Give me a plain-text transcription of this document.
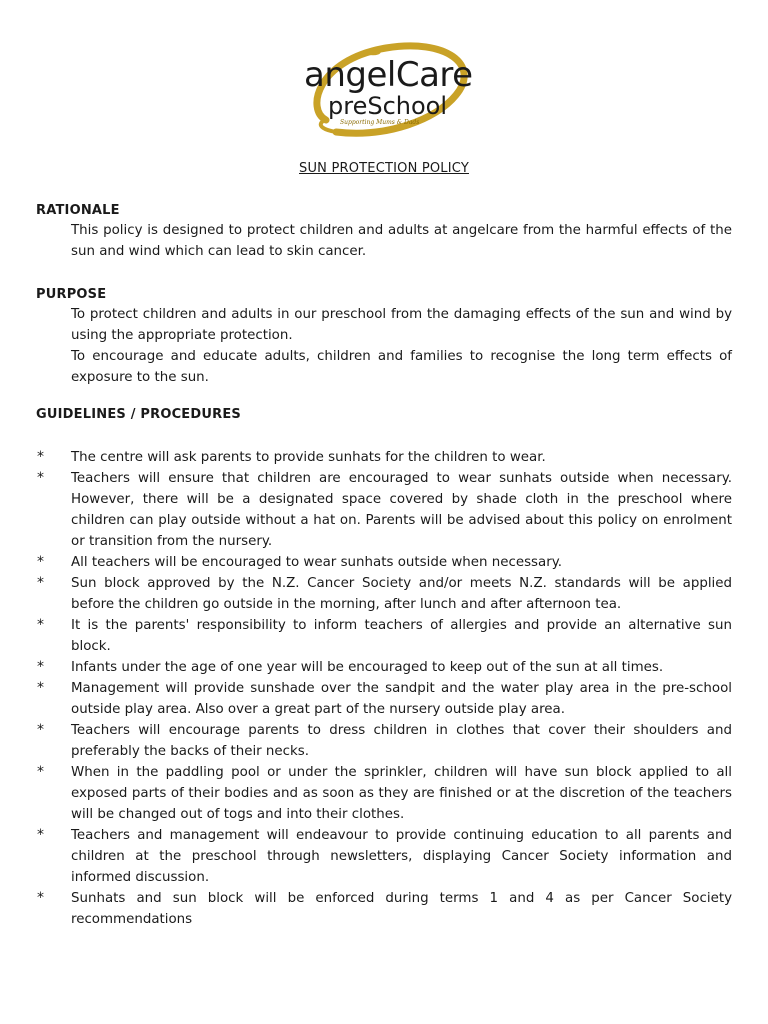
angelCare
preSchool
Supporting Mums & Dads
SUN PROTECTION POLICY
RATIONALE
This policy is designed to protect children and adults at angelcare from the harmful effects of the sun and wind which can lead to skin cancer.
PURPOSE
To protect children and adults in our preschool from the damaging effects of the sun and wind by using the appropriate protection.
To encourage and educate adults, children and families to recognise the long term effects of exposure to the sun.
GUIDELINES / PROCEDURES
* The centre will ask parents to provide sunhats for the children to wear.
* Teachers will ensure that children are encouraged to wear sunhats outside when necessary. However, there will be a designated space covered by shade cloth in the preschool where children can play outside without a hat on. Parents will be advised about this policy on enrolment or transition from the nursery.
* All teachers will be encouraged to wear sunhats outside when necessary.
* Sun block approved by the N.Z. Cancer Society and/or meets N.Z. standards will be applied before the children go outside in the morning, after lunch and after afternoon tea.
* It is the parents' responsibility to inform teachers of allergies and provide an alternative sun block.
* Infants under the age of one year will be encouraged to keep out of the sun at all times.
* Management will provide sunshade over the sandpit and the water play area in the pre-school outside play area. Also over a great part of the nursery outside play area.
* Teachers will encourage parents to dress children in clothes that cover their shoulders and preferably the backs of their necks.
* When in the paddling pool or under the sprinkler, children will have sun block applied to all exposed parts of their bodies and as soon as they are finished or at the discretion of the teachers will be changed out of togs and into their clothes.
* Teachers and management will endeavour to provide continuing education to all parents and children at the preschool through newsletters, displaying Cancer Society information and informed discussion.
* Sunhats and sun block will be enforced during terms 1 and 4 as per Cancer Society recommendations
